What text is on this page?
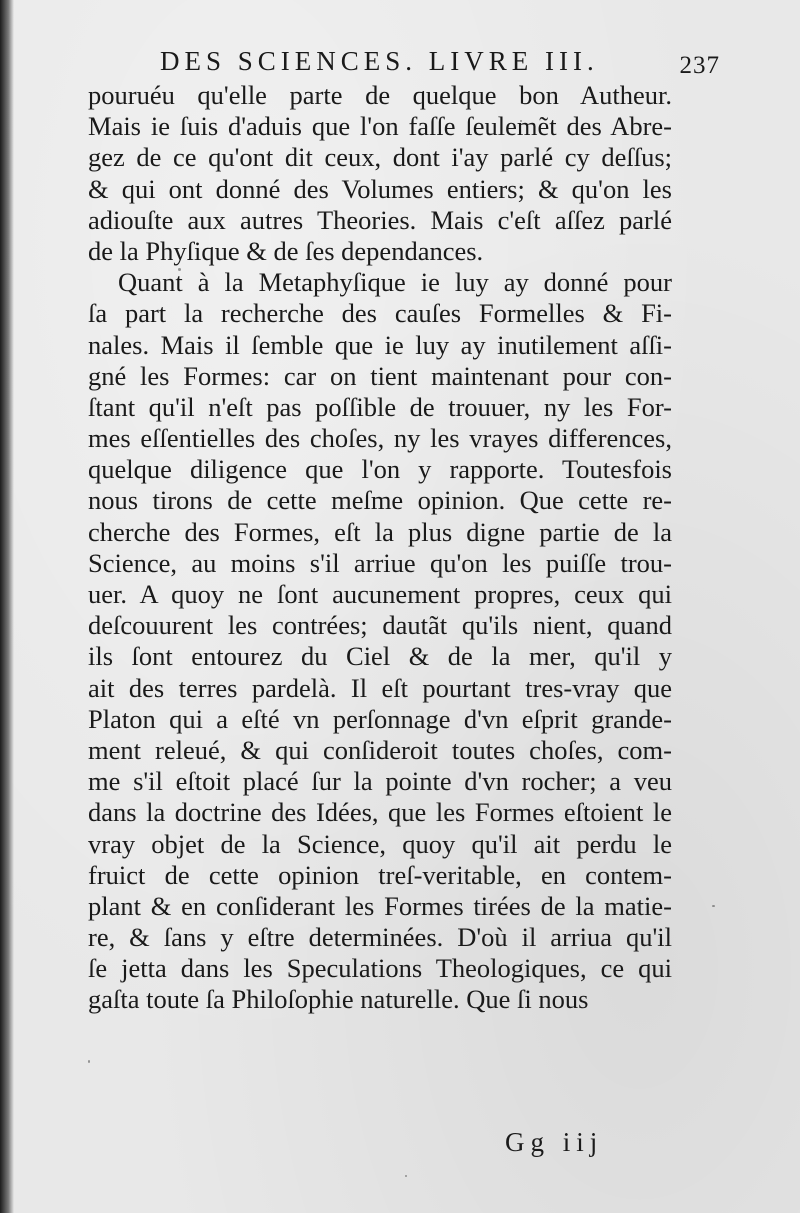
DES SCIENCES. LIVRE III.	237
pouruéu qu'elle parte de quelque bon Autheur.
Mais ie ſuis d'aduis que l'on faſſe ſeulemẽt des Abre-
gez de ce qu'ont dit ceux, dont i'ay parlé cy deſſus;
& qui ont donné des Volumes entiers; & qu'on les
adiouſte aux autres Theories. Mais c'eſt aſſez parlé
de la Phyſique & de ſes dependances.
Quant à la Metaphyſique ie luy ay donné pour
ſa part la recherche des cauſes Formelles & Fi-
nales. Mais il ſemble que ie luy ay inutilement aſſi-
gné les Formes: car on tient maintenant pour con-
ſtant qu'il n'eſt pas poſſible de trouuer, ny les For-
mes eſſentielles des choſes, ny les vrayes differences,
quelque diligence que l'on y rapporte. Toutesfois
nous tirons de cette meſme opinion. Que cette re-
cherche des Formes, eſt la plus digne partie de la
Science, au moins s'il arriue qu'on les puiſſe trou-
uer. A quoy ne ſont aucunement propres, ceux qui
deſcouurent les contrées; dautãt qu'ils nient, quand
ils ſont entourez du Ciel & de la mer, qu'il y
ait des terres pardelà. Il eſt pourtant tres-vray que
Platon qui a eſté vn perſonnage d'vn eſprit grande-
ment releué, & qui conſideroit toutes choſes, com-
me s'il eſtoit placé ſur la pointe d'vn rocher; a veu
dans la doctrine des Idées, que les Formes eſtoient le
vray objet de la Science, quoy qu'il ait perdu le
fruict de cette opinion treſ-veritable, en contem-
plant & en conſiderant les Formes tirées de la matie-
re, & ſans y eſtre determinées. D'où il arriua qu'il
ſe jetta dans les Speculations Theologiques, ce qui
gaſta toute ſa Philoſophie naturelle. Que ſi nous
Gg iij
